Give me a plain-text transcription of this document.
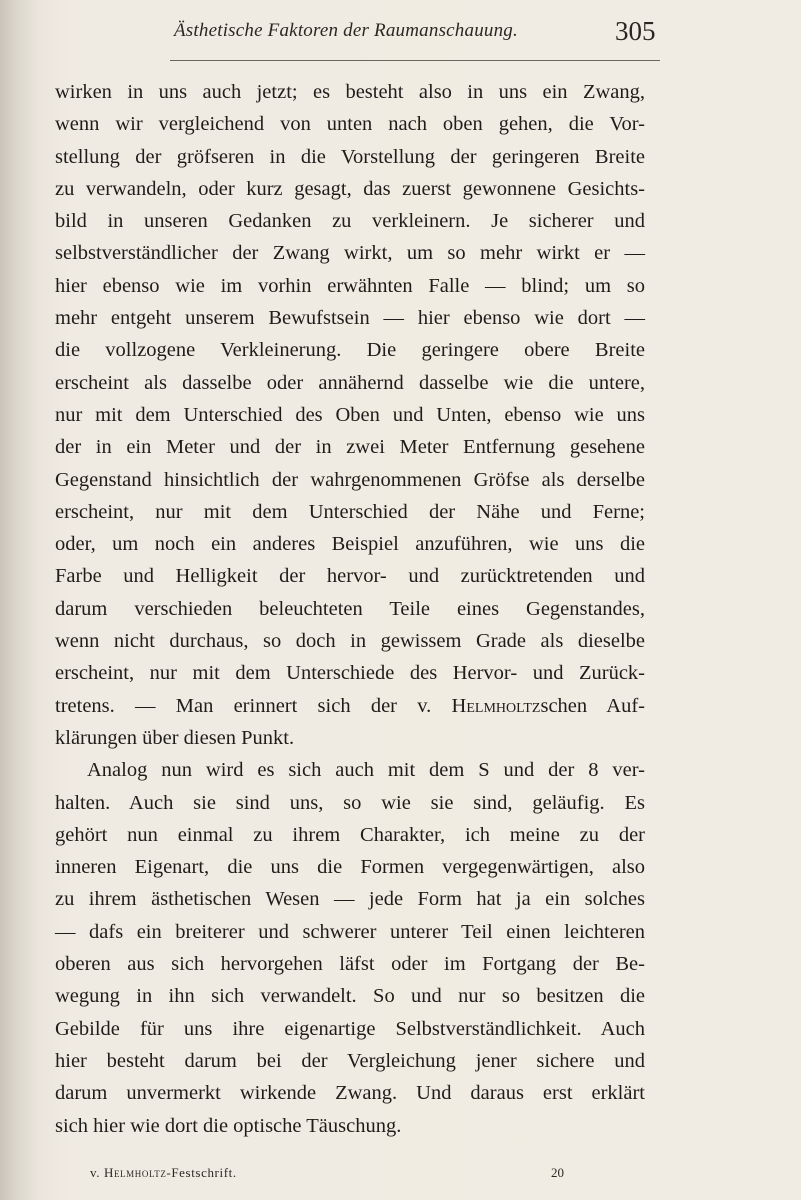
Ästhetische Faktoren der Raumanschauung.	305
wirken in uns auch jetzt; es besteht also in uns ein Zwang,
wenn wir vergleichend von unten nach oben gehen, die Vor-
stellung der gröfseren in die Vorstellung der geringeren Breite
zu verwandeln, oder kurz gesagt, das zuerst gewonnene Gesichts-
bild in unseren Gedanken zu verkleinern. Je sicherer und
selbstverständlicher der Zwang wirkt, um so mehr wirkt er —
hier ebenso wie im vorhin erwähnten Falle — blind; um so
mehr entgeht unserem Bewufstsein — hier ebenso wie dort —
die vollzogene Verkleinerung. Die geringere obere Breite
erscheint als dasselbe oder annähernd dasselbe wie die untere,
nur mit dem Unterschied des Oben und Unten, ebenso wie uns
der in ein Meter und der in zwei Meter Entfernung gesehene
Gegenstand hinsichtlich der wahrgenommenen Gröfse als derselbe
erscheint, nur mit dem Unterschied der Nähe und Ferne;
oder, um noch ein anderes Beispiel anzuführen, wie uns die
Farbe und Helligkeit der hervor- und zurücktretenden und
darum verschieden beleuchteten Teile eines Gegenstandes,
wenn nicht durchaus, so doch in gewissem Grade als dieselbe
erscheint, nur mit dem Unterschiede des Hervor- und Zurück-
tretens. — Man erinnert sich der v. Helmholtzschen Auf-
klärungen über diesen Punkt.
Analog nun wird es sich auch mit dem S und der 8 ver-
halten. Auch sie sind uns, so wie sie sind, geläufig. Es
gehört nun einmal zu ihrem Charakter, ich meine zu der
inneren Eigenart, die uns die Formen vergegenwärtigen, also
zu ihrem ästhetischen Wesen — jede Form hat ja ein solches
— dafs ein breiterer und schwerer unterer Teil einen leichteren
oberen aus sich hervorgehen läfst oder im Fortgang der Be-
wegung in ihn sich verwandelt. So und nur so besitzen die
Gebilde für uns ihre eigenartige Selbstverständlichkeit. Auch
hier besteht darum bei der Vergleichung jener sichere und
darum unvermerkt wirkende Zwang. Und daraus erst erklärt
sich hier wie dort die optische Täuschung.
v. Helmholtz-Festschrift.	20
